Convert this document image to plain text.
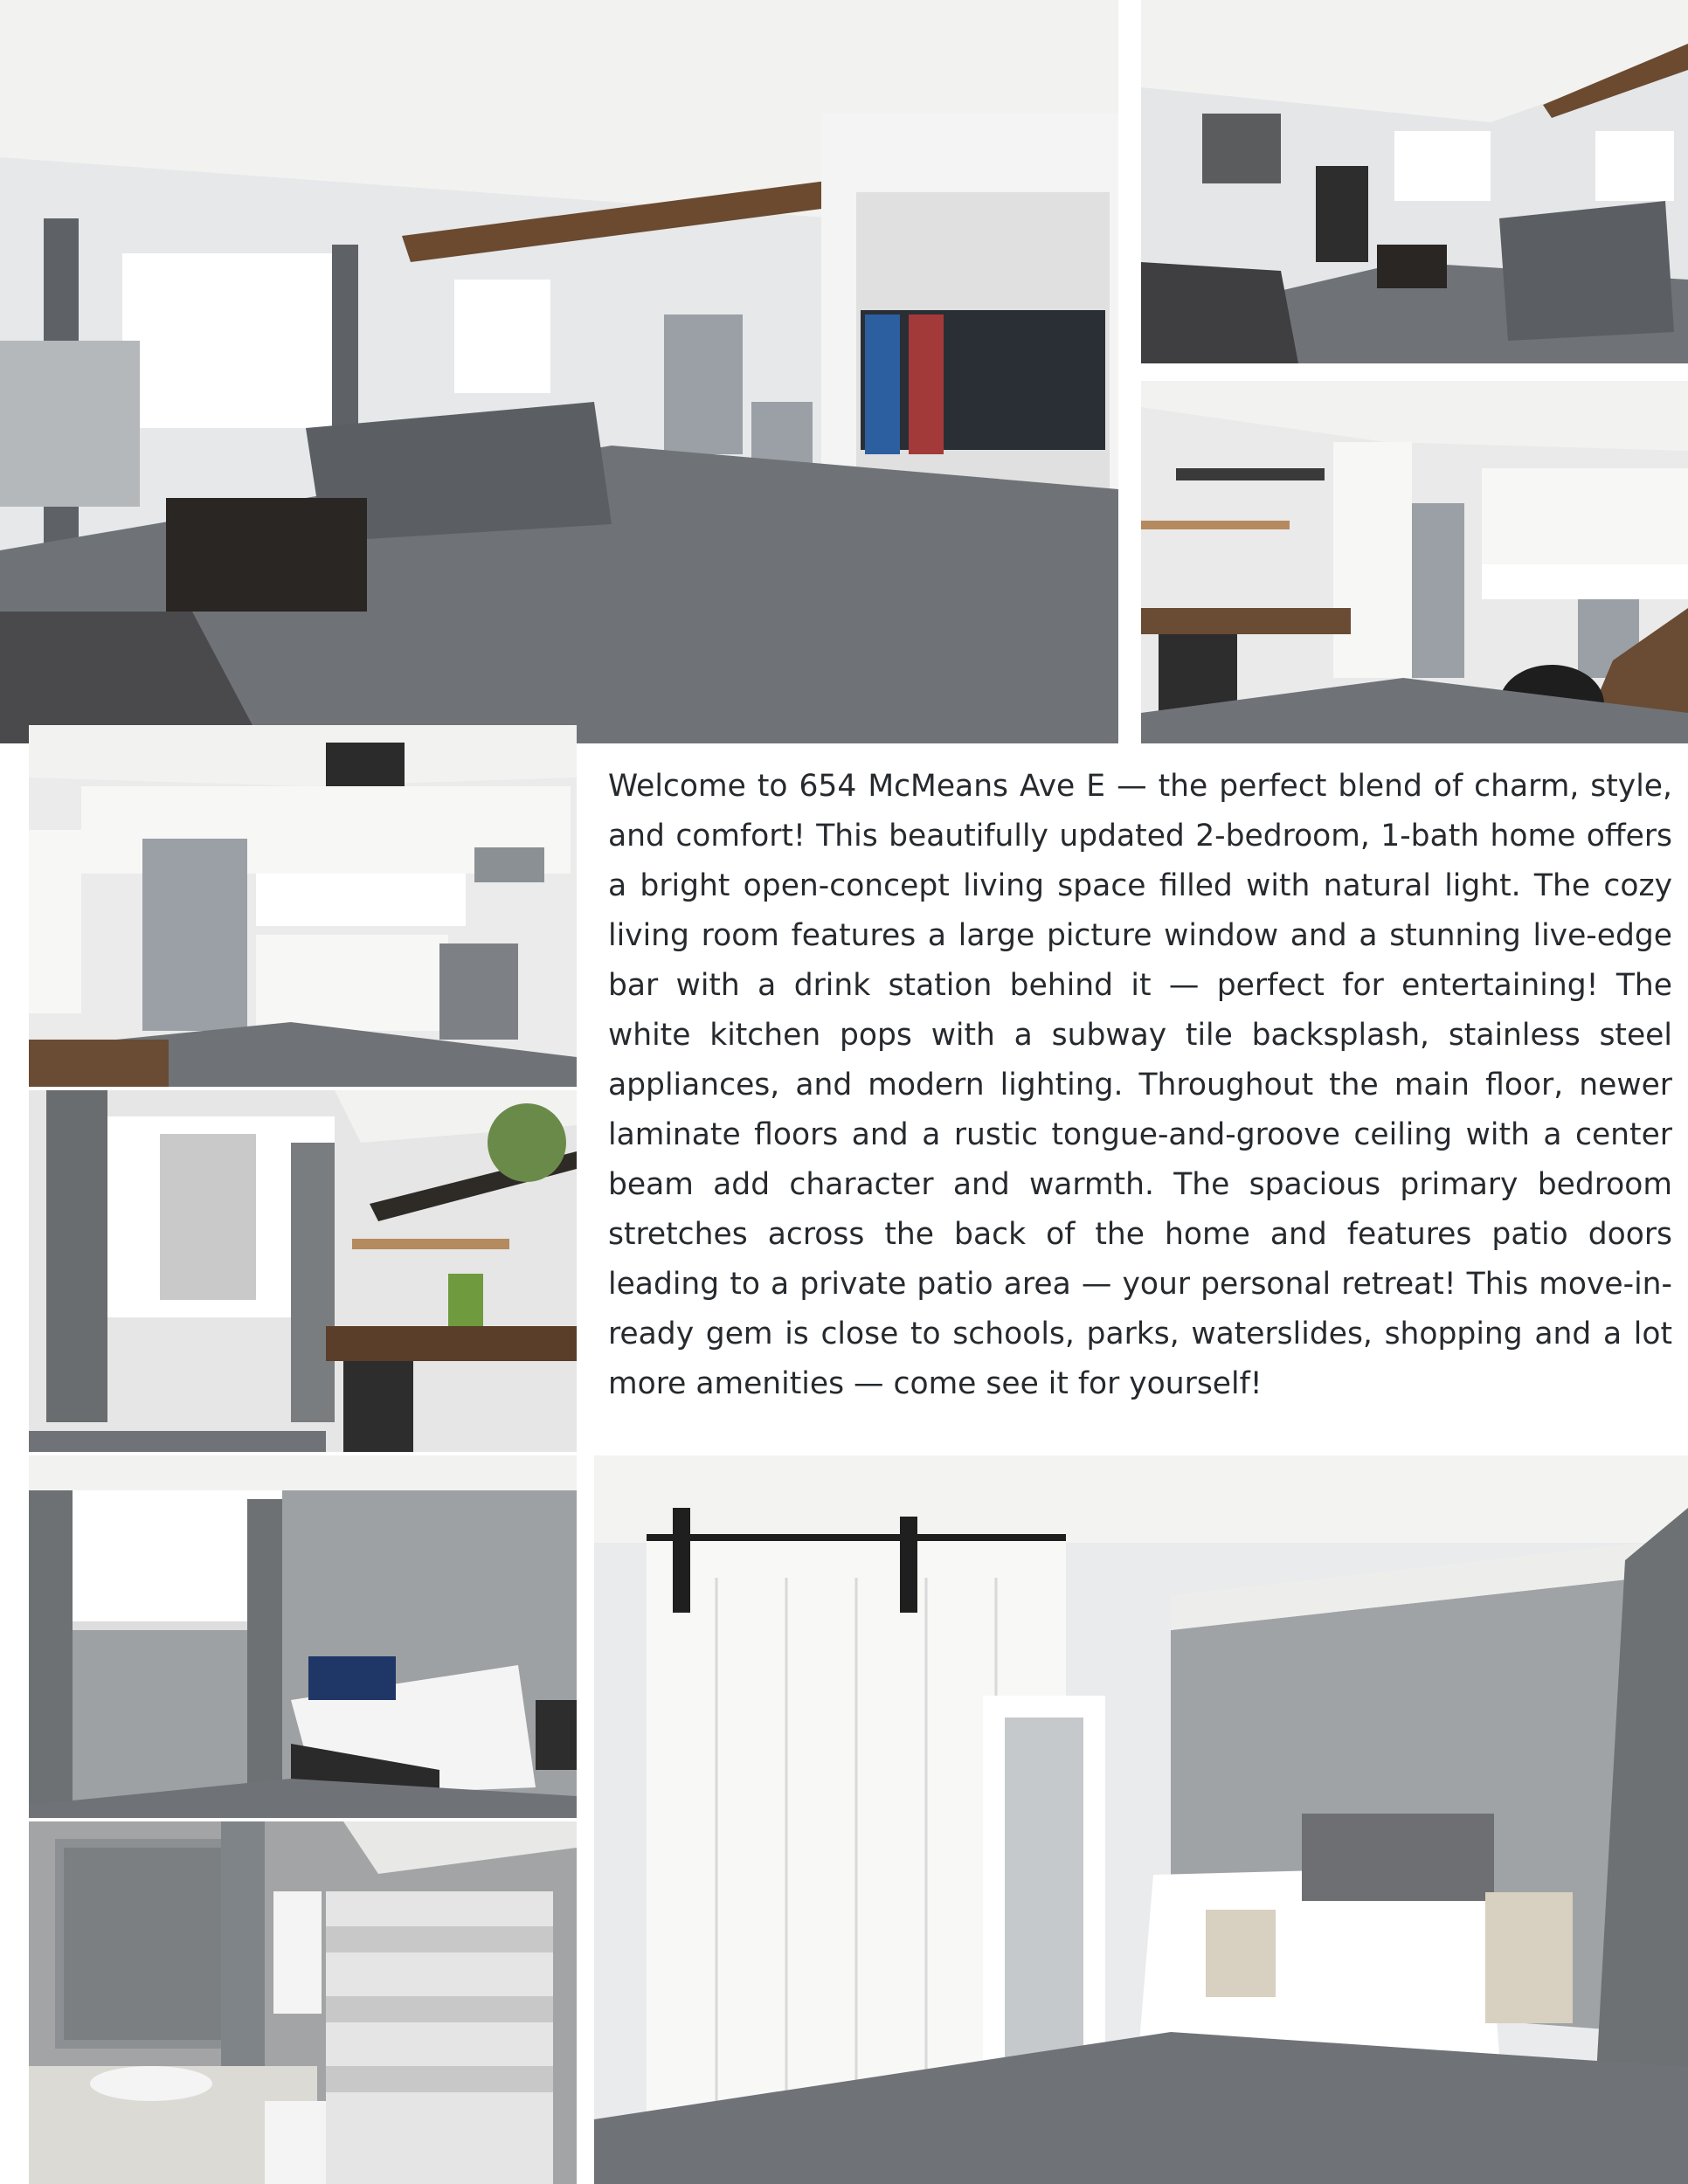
Welcome to 654 McMeans Ave E — the perfect blend of charm, style, and comfort! This beautifully updated 2-bedroom, 1-bath home offers a bright open-concept living space filled with natural light. The cozy living room features a large picture window and a stunning live-edge bar with a drink station behind it — perfect for entertaining! The white kitchen pops with a subway tile backsplash, stainless steel appliances, and modern lighting. Throughout the main floor, newer laminate floors and a rustic tongue-and-groove ceiling with a center beam add character and warmth. The spacious primary bedroom stretches across the back of the home and features patio doors leading to a private patio area — your personal retreat! This move-in-ready gem is close to schools, parks, waterslides, shopping and a lot more amenities — come see it for yourself!
